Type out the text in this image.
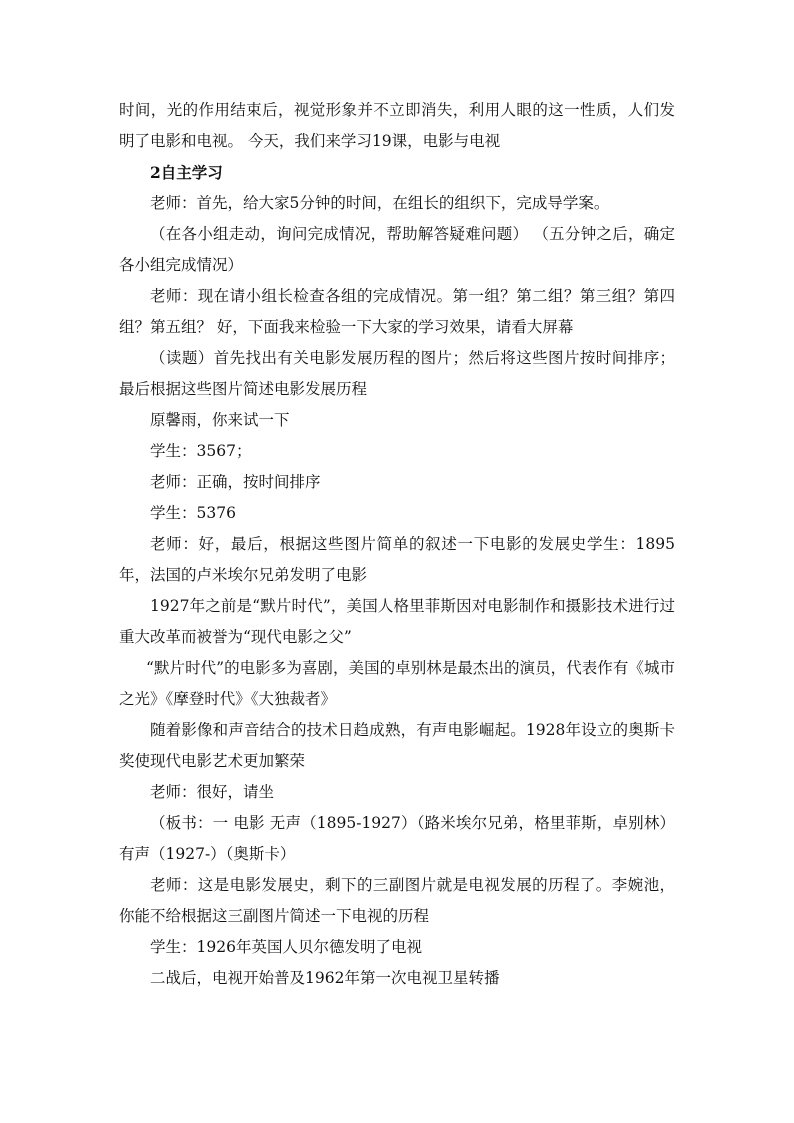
时间，光的作用结束后，视觉形象并不立即消失，利用人眼的这一性质，人们发明了电影和电视。 今天，我们来学习19课，电影与电视

2自主学习

老师：首先，给大家5分钟的时间，在组长的组织下，完成导学案。

（在各小组走动，询问完成情况，帮助解答疑难问题） （五分钟之后，确定各小组完成情况）

老师：现在请小组长检查各组的完成情况。第一组？第二组？第三组？第四组？第五组？ 好，下面我来检验一下大家的学习效果，请看大屏幕

（读题）首先找出有关电影发展历程的图片；然后将这些图片按时间排序；最后根据这些图片简述电影发展历程

原馨雨，你来试一下

学生：3567；

老师：正确，按时间排序

学生：5376

老师：好，最后，根据这些图片简单的叙述一下电影的发展史学生：1895年，法国的卢米埃尔兄弟发明了电影

1927年之前是“默片时代”，美国人格里菲斯因对电影制作和摄影技术进行过重大改革而被誉为“现代电影之父”

“默片时代”的电影多为喜剧，美国的卓别林是最杰出的演员，代表作有《城市之光》《摩登时代》《大独裁者》

随着影像和声音结合的技术日趋成熟，有声电影崛起。1928年设立的奥斯卡奖使现代电影艺术更加繁荣

老师：很好，请坐

（板书：一 电影 无声（1895-1927）（路米埃尔兄弟，格里菲斯，卓别林）有声（1927-）（奥斯卡）

老师：这是电影发展史，剩下的三副图片就是电视发展的历程了。李婉池，你能不给根据这三副图片简述一下电视的历程

学生：1926年英国人贝尔德发明了电视

二战后，电视开始普及1962年第一次电视卫星转播
